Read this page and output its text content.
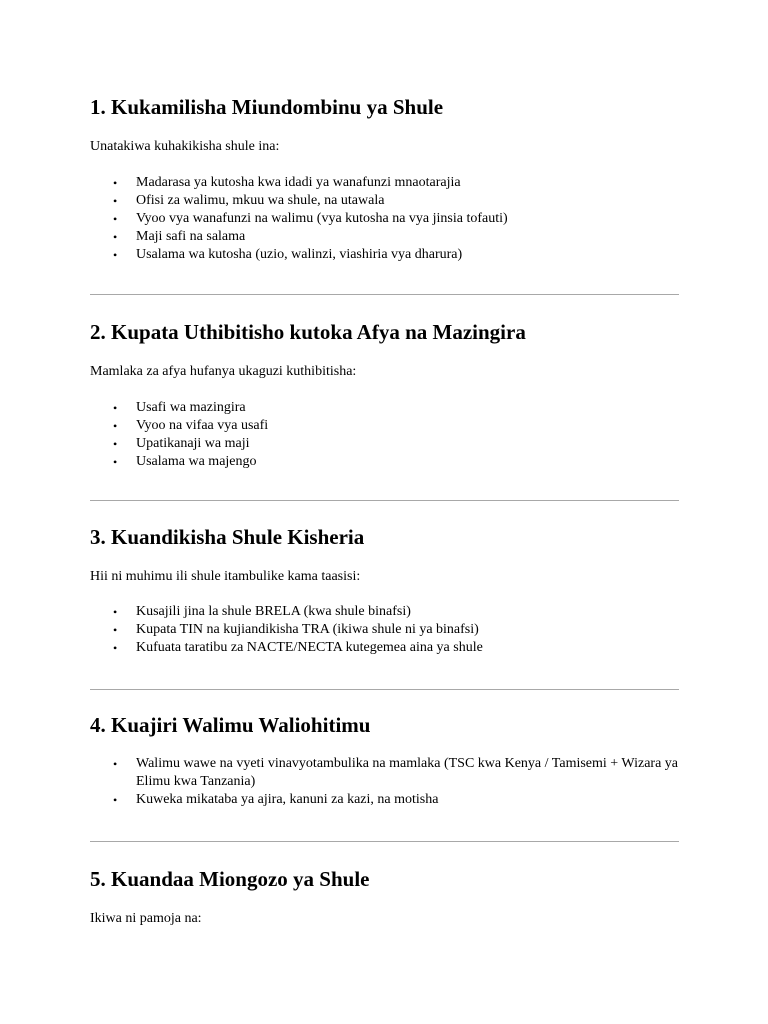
1. Kukamilisha Miundombinu ya Shule

Unatakiwa kuhakikisha shule ina:

• Madarasa ya kutosha kwa idadi ya wanafunzi mnaotarajia
• Ofisi za walimu, mkuu wa shule, na utawala
• Vyoo vya wanafunzi na walimu (vya kutosha na vya jinsia tofauti)
• Maji safi na salama
• Usalama wa kutosha (uzio, walinzi, viashiria vya dharura)
2. Kupata Uthibitisho kutoka Afya na Mazingira

Mamlaka za afya hufanya ukaguzi kuthibitisha:

• Usafi wa mazingira
• Vyoo na vifaa vya usafi
• Upatikanaji wa maji
• Usalama wa majengo
3. Kuandikisha Shule Kisheria

Hii ni muhimu ili shule itambulike kama taasisi:

• Kusajili jina la shule BRELA (kwa shule binafsi)
• Kupata TIN na kujiandikisha TRA (ikiwa shule ni ya binafsi)
• Kufuata taratibu za NACTE/NECTA kutegemea aina ya shule
4. Kuajiri Walimu Waliohitimu
• Walimu wawe na vyeti vinavyotambulika na mamlaka (TSC kwa Kenya / Tamisemi + Wizara ya Elimu kwa Tanzania)
• Kuweka mikataba ya ajira, kanuni za kazi, na motisha
5. Kuandaa Miongozo ya Shule

Ikiwa ni pamoja na:
